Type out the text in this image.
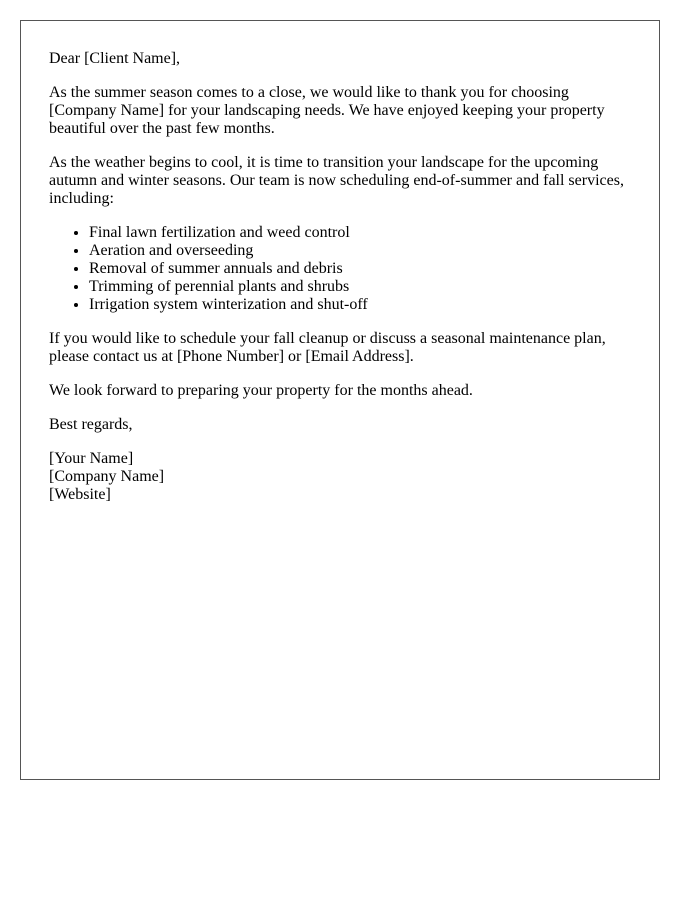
Dear [Client Name],

As the summer season comes to a close, we would like to thank you for choosing [Company Name] for your landscaping needs. We have enjoyed keeping your property beautiful over the past few months.

As the weather begins to cool, it is time to transition your landscape for the upcoming autumn and winter seasons. Our team is now scheduling end-of-summer and fall services, including:

• Final lawn fertilization and weed control
• Aeration and overseeding
• Removal of summer annuals and debris
• Trimming of perennial plants and shrubs
• Irrigation system winterization and shut-off

If you would like to schedule your fall cleanup or discuss a seasonal maintenance plan, please contact us at [Phone Number] or [Email Address].

We look forward to preparing your property for the months ahead.

Best regards,

[Your Name]
[Company Name]
[Website]
